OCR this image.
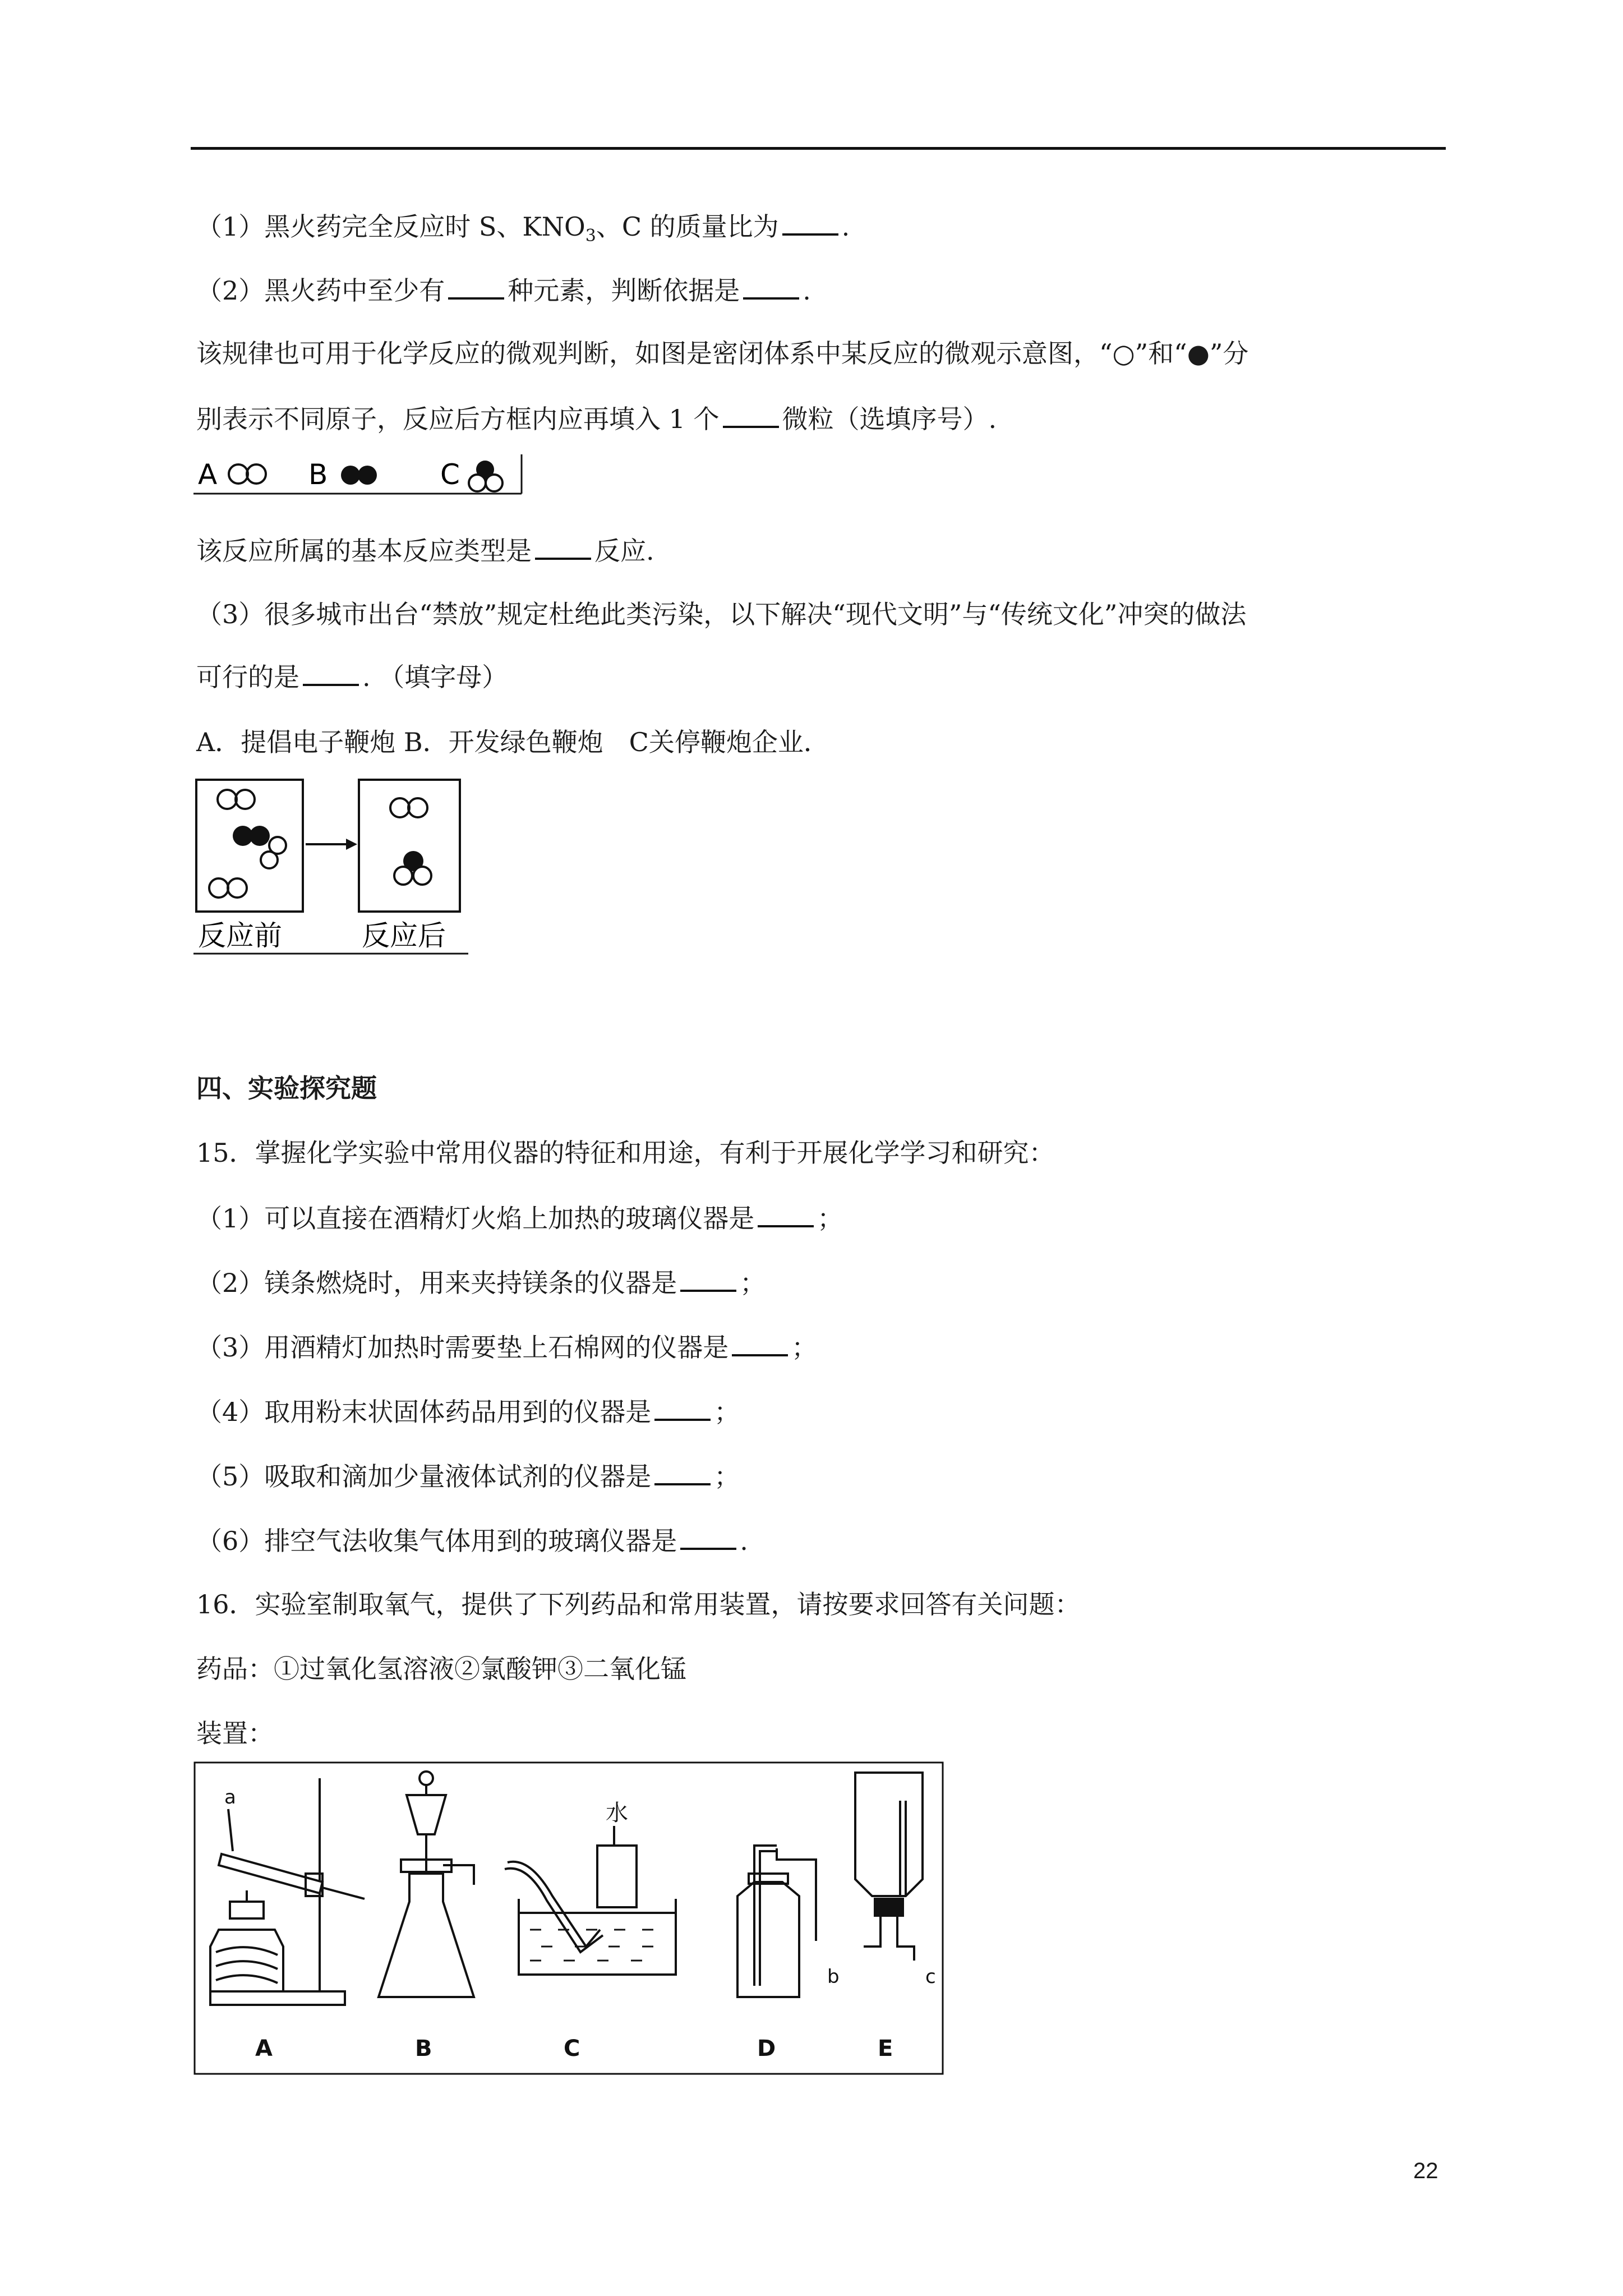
（1）黑火药完全反应时 S、$KNO_3$、C 的质量比为 .
（2）黑火药中至少有 种元素，判断依据是 .
该规律也可用于化学反应的微观判断，如图是密闭体系中某反应的微观示意图，“○”和“●”分
别表示不同原子，反应后方框内应再填入 1 个 微粒（选填序号）.
A	B	C
该反应所属的基本反应类型是 反应.
（3）很多城市出台“禁放”规定杜绝此类污染，以下解决“现代文明”与“传统文化”冲突的做法
可行的是 . （填字母）
A．提倡电子鞭炮 B．开发绿色鞭炮　C关停鞭炮企业．
反应前	反应后
四、实验探究题
15．掌握化学实验中常用仪器的特征和用途，有利于开展化学学习和研究：
（1）可以直接在酒精灯火焰上加热的玻璃仪器是 ；
（2）镁条燃烧时，用来夹持镁条的仪器是 ；
（3）用酒精灯加热时需要垫上石棉网的仪器是 ；
（4）取用粉末状固体药品用到的仪器是 ；
（5）吸取和滴加少量液体试剂的仪器是 ；
（6）排空气法收集气体用到的玻璃仪器是 .
16．实验室制取氧气，提供了下列药品和常用装置，请按要求回答有关问题：
药品：①过氧化氢溶液②氯酸钾③二氧化锰
装置：
a
A	B
水
C	D
b	c
E
22
